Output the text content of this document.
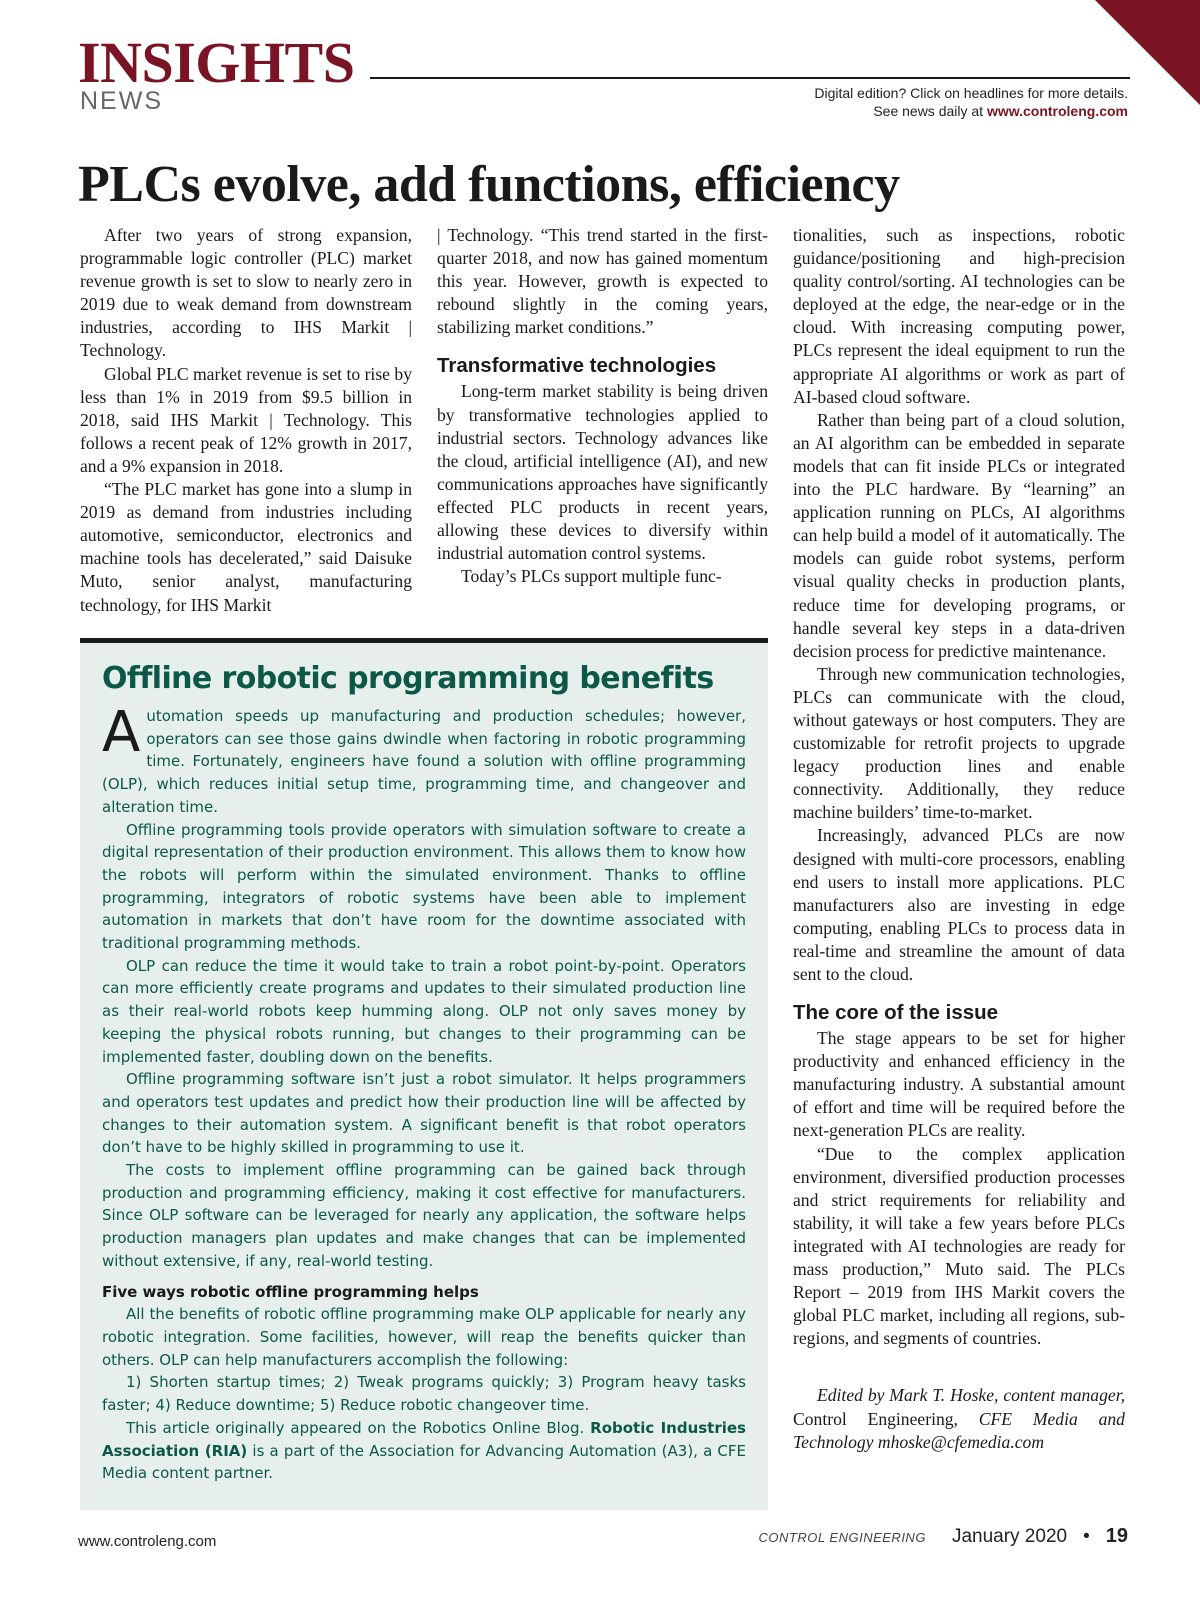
INSIGHTS
NEWS	Digital edition? Click on headlines for more details.
See news daily at www.controleng.com
PLCs evolve, add functions, efficiency

After two years of strong expansion, programmable logic controller (PLC) market revenue growth is set to slow to nearly zero in 2019 due to weak demand from downstream industries, according to IHS Markit | Technology.

Global PLC market revenue is set to rise by less than 1% in 2019 from $9.5 billion in 2018, said IHS Markit | Technology. This follows a recent peak of 12% growth in 2017, and a 9% expansion in 2018.

“The PLC market has gone into a slump in 2019 as demand from industries including automotive, semiconductor, electronics and machine tools has decelerated,” said Daisuke Muto, senior analyst, manufacturing technology, for IHS Markit

| Technology. “This trend started in the first-quarter 2018, and now has gained momentum this year. However, growth is expected to rebound slightly in the coming years, stabilizing market conditions.”

Transformative technologies

Long-term market stability is being driven by transformative technologies applied to industrial sectors. Technology advances like the cloud, artificial intelligence (AI), and new communications approaches have significantly effected PLC products in recent years, allowing these devices to diversify within industrial automation control systems.

Today’s PLCs support multiple func-

tionalities, such as inspections, robotic guidance/positioning and high-precision quality control/sorting. AI technologies can be deployed at the edge, the near-edge or in the cloud. With increasing computing power, PLCs represent the ideal equipment to run the appropriate AI algorithms or work as part of AI-based cloud software.

Rather than being part of a cloud solution, an AI algorithm can be embedded in separate models that can fit inside PLCs or integrated into the PLC hardware. By “learning” an application running on PLCs, AI algorithms can help build a model of it automatically. The models can guide robot systems, perform visual quality checks in production plants, reduce time for developing programs, or handle several key steps in a data-driven decision process for predictive maintenance.

Through new communication technologies, PLCs can communicate with the cloud, without gateways or host computers. They are customizable for retrofit projects to upgrade legacy production lines and enable connectivity. Additionally, they reduce machine builders’ time-to-market.

Increasingly, advanced PLCs are now designed with multi-core processors, enabling end users to install more applications. PLC manufacturers also are investing in edge computing, enabling PLCs to process data in real-time and streamline the amount of data sent to the cloud.

The core of the issue

The stage appears to be set for higher productivity and enhanced efficiency in the manufacturing industry. A substantial amount of effort and time will be required before the next-generation PLCs are reality.

“Due to the complex application environment, diversified production processes and strict requirements for reliability and stability, it will take a few years before PLCs integrated with AI technologies are ready for mass production,” Muto said. The PLCs Report – 2019 from IHS Markit covers the global PLC market, including all regions, sub-regions, and segments of countries.

Edited by Mark T. Hoske, content manager, Control Engineering, CFE Media and Technology mhoske@cfemedia.com

Offline robotic programming benefits

Automation speeds up manufacturing and production schedules; however, operators can see those gains dwindle when factoring in robotic programming time. Fortunately, engineers have found a solution with offline programming (OLP), which reduces initial setup time, programming time, and changeover and alteration time.

Offline programming tools provide operators with simulation software to create a digital representation of their production environment. This allows them to know how the robots will perform within the simulated environment. Thanks to offline programming, integrators of robotic systems have been able to implement automation in markets that don’t have room for the downtime associated with traditional programming methods.

OLP can reduce the time it would take to train a robot point-by-point. Operators can more efficiently create programs and updates to their simulated production line as their real-world robots keep humming along. OLP not only saves money by keeping the physical robots running, but changes to their programming can be implemented faster, doubling down on the benefits.

Offline programming software isn’t just a robot simulator. It helps programmers and operators test updates and predict how their production line will be affected by changes to their automation system. A significant benefit is that robot operators don’t have to be highly skilled in programming to use it.

The costs to implement offline programming can be gained back through production and programming efficiency, making it cost effective for manufacturers. Since OLP software can be leveraged for nearly any application, the software helps production managers plan updates and make changes that can be implemented without extensive, if any, real-world testing.

Five ways robotic offline programming helps

All the benefits of robotic offline programming make OLP applicable for nearly any robotic integration. Some facilities, however, will reap the benefits quicker than others. OLP can help manufacturers accomplish the following:

1) Shorten startup times; 2) Tweak programs quickly; 3) Program heavy tasks faster; 4) Reduce downtime; 5) Reduce robotic changeover time.

This article originally appeared on the Robotics Online Blog. Robotic Industries Association (RIA) is a part of the Association for Advancing Automation (A3), a CFE Media content partner.

www.controleng.com	CONTROL ENGINEERING January 2020 • 19
